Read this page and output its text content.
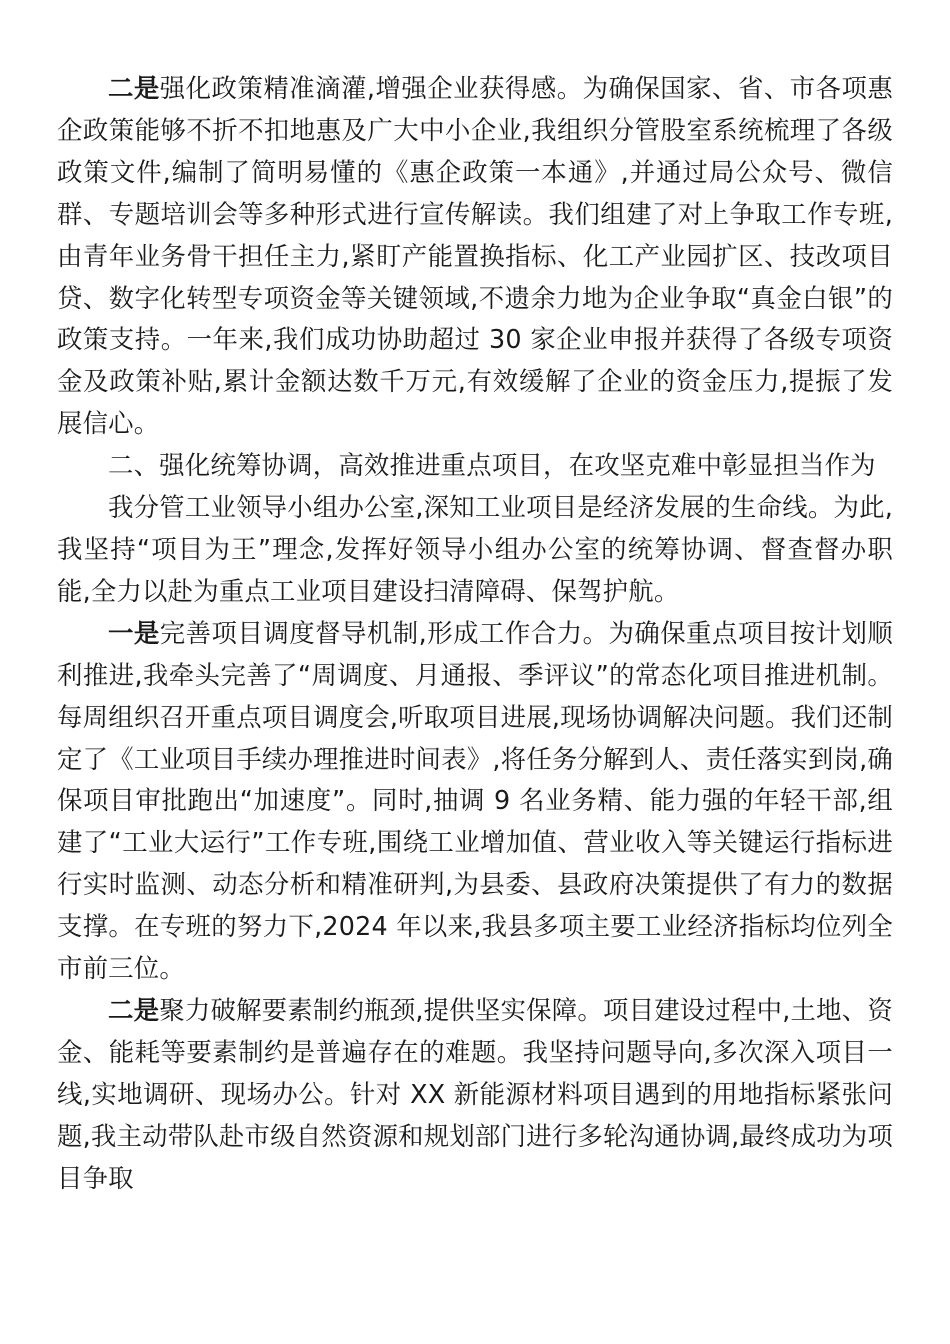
二是强化政策精准滴灌,增强企业获得感。为确保国家、省、市各项惠企政策能够不折不扣地惠及广大中小企业,我组织分管股室系统梳理了各级政策文件,编制了简明易懂的《惠企政策一本通》,并通过局公众号、微信群、专题培训会等多种形式进行宣传解读。我们组建了对上争取工作专班,由青年业务骨干担任主力,紧盯产能置换指标、化工产业园扩区、技改项目贷、数字化转型专项资金等关键领域,不遗余力地为企业争取“真金白银”的政策支持。一年来,我们成功协助超过 30 家企业申报并获得了各级专项资金及政策补贴,累计金额达数千万元,有效缓解了企业的资金压力,提振了发展信心。

二、强化统筹协调，高效推进重点项目，在攻坚克难中彰显担当作为

我分管工业领导小组办公室,深知工业项目是经济发展的生命线。为此,我坚持“项目为王”理念,发挥好领导小组办公室的统筹协调、督查督办职能,全力以赴为重点工业项目建设扫清障碍、保驾护航。

一是完善项目调度督导机制,形成工作合力。为确保重点项目按计划顺利推进,我牵头完善了“周调度、月通报、季评议”的常态化项目推进机制。每周组织召开重点项目调度会,听取项目进展,现场协调解决问题。我们还制定了《工业项目手续办理推进时间表》,将任务分解到人、责任落实到岗,确保项目审批跑出“加速度”。同时,抽调 9 名业务精、能力强的年轻干部,组建了“工业大运行”工作专班,围绕工业增加值、营业收入等关键运行指标进行实时监测、动态分析和精准研判,为县委、县政府决策提供了有力的数据支撑。在专班的努力下,2024 年以来,我县多项主要工业经济指标均位列全市前三位。

二是聚力破解要素制约瓶颈,提供坚实保障。项目建设过程中,土地、资金、能耗等要素制约是普遍存在的难题。我坚持问题导向,多次深入项目一线,实地调研、现场办公。针对 XX 新能源材料项目遇到的用地指标紧张问题,我主动带队赴市级自然资源和规划部门进行多轮沟通协调,最终成功为项目争取
